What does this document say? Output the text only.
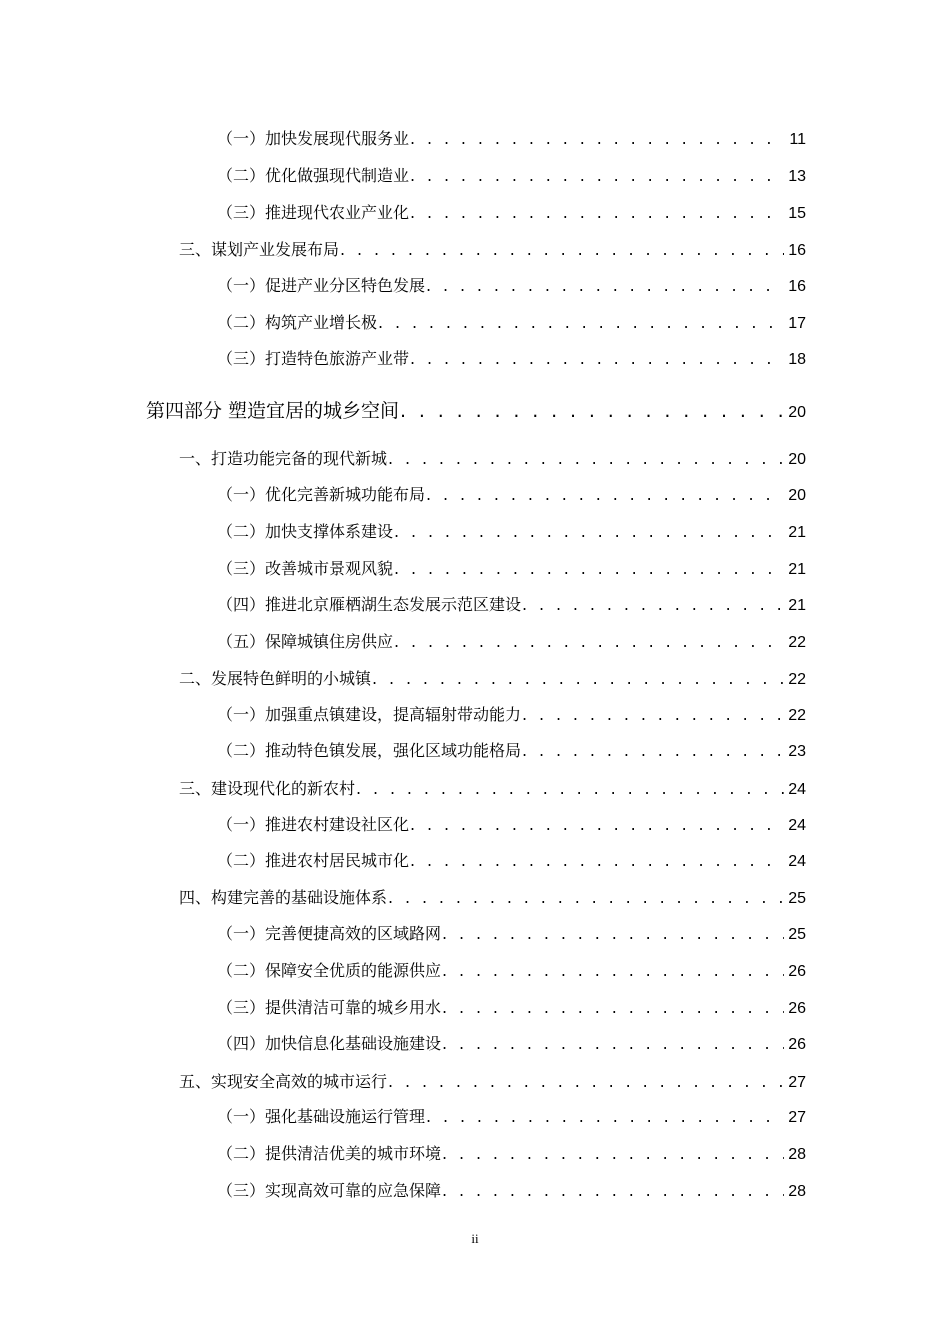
（一）加快发展现代服务业 . . .	11
（二）优化做强现代制造业 . . .	13
（三）推进现代农业产业化 . . .	15
三、谋划产业发展布局 . . .	16
（一）促进产业分区特色发展 . . .	16
（二）构筑产业增长极 . . .	17
（三）打造特色旅游产业带 . . .	18
第四部分 塑造宜居的城乡空间 . . .	20
一、打造功能完备的现代新城 . . .	20
（一）优化完善新城功能布局 . . .	20
（二）加快支撑体系建设 . . .	21
（三）改善城市景观风貌 . . .	21
（四）推进北京雁栖湖生态发展示范区建设 . . .	21
（五）保障城镇住房供应 . . .	22
二、发展特色鲜明的小城镇 . . .	22
（一）加强重点镇建设，提高辐射带动能力 . . .	22
（二）推动特色镇发展，强化区域功能格局 . . .	23
三、建设现代化的新农村 . . .	24
（一）推进农村建设社区化 . . .	24
（二）推进农村居民城市化 . . .	24
四、构建完善的基础设施体系 . . .	25
（一）完善便捷高效的区域路网 . . .	25
（二）保障安全优质的能源供应 . . .	26
（三）提供清洁可靠的城乡用水 . . .	26
（四）加快信息化基础设施建设 . . .	26
五、实现安全高效的城市运行 . . .	27
（一）强化基础设施运行管理 . . .	27
（二）提供清洁优美的城市环境 . . .	28
（三）实现高效可靠的应急保障 . . .	28
ii
